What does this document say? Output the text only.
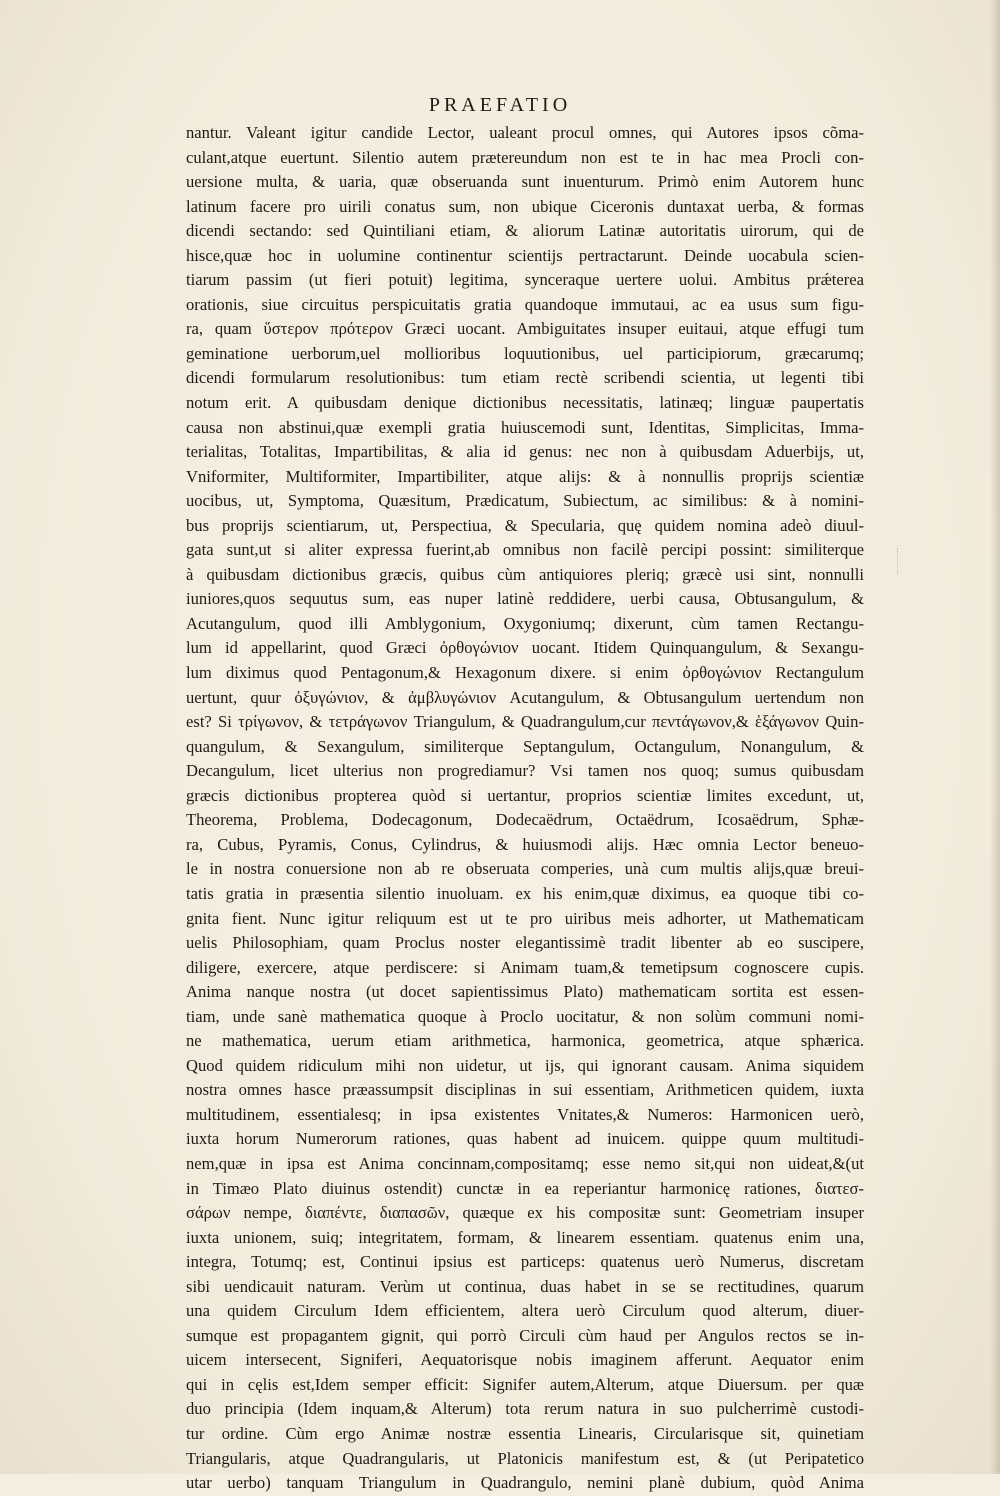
PRAEFATIO
nantur. Valeant igitur candide Lector, ualeant procul omnes, qui Autores ipsos cõma-
culant,atque euertunt. Silentio autem prætereundum non est te in hac mea Procli con-
uersione multa, & uaria, quæ obseruanda sunt inuenturum. Primò enim Autorem hunc
latinum facere pro uirili conatus sum, non ubique Ciceronis duntaxat uerba, & formas
dicendi sectando: sed Quintiliani etiam, & aliorum Latinæ autoritatis uirorum, qui de
hisce,quæ hoc in uolumine continentur scientijs pertractarunt. Deinde uocabula scien-
tiarum passim (ut fieri potuit) legitima, synceraque uertere uolui. Ambitus prǽterea
orationis, siue circuitus perspicuitatis gratia quandoque immutaui, ac ea usus sum figu-
ra, quam ὕστερον πρότερον Græci uocant. Ambiguitates insuper euitaui, atque effugi tum
geminatione uerborum,uel mollioribus loquutionibus, uel participiorum, græcarumq;
dicendi formularum resolutionibus: tum etiam rectè scribendi scientia, ut legenti tibi
notum erit. A quibusdam denique dictionibus necessitatis, latinæq; linguæ paupertatis
causa non abstinui,quæ exempli gratia huiuscemodi sunt, Identitas, Simplicitas, Imma-
terialitas, Totalitas, Impartibilitas, & alia id genus: nec non à quibusdam Aduerbijs, ut,
Vniformiter, Multiformiter, Impartibiliter, atque alijs: & à nonnullis proprijs scientiæ
uocibus, ut, Symptoma, Quæsitum, Prædicatum, Subiectum, ac similibus: & à nomini-
bus proprijs scientiarum, ut, Perspectiua, & Specularia, quę quidem nomina adeò diuul-
gata sunt,ut si aliter expressa fuerint,ab omnibus non facilè percipi possint: similiterque
à quibusdam dictionibus græcis, quibus cùm antiquiores pleriq; græcè usi sint, nonnulli
iuniores,quos sequutus sum, eas nuper latinè reddidere, uerbi causa, Obtusangulum, &
Acutangulum, quod illi Amblygonium, Oxygoniumq; dixerunt, cùm tamen Rectangu-
lum id appellarint, quod Græci ὀρθογώνιον uocant. Itidem Quinquangulum, & Sexangu-
lum diximus quod Pentagonum,& Hexagonum dixere. si enim ὀρθογώνιον Rectangulum
uertunt, quur ὀξυγώνιον, & ἀμβλυγώνιον Acutangulum, & Obtusangulum uertendum non
est? Si τρίγωνον, & τετράγωνον Triangulum, & Quadrangulum,cur πεντάγωνον,& ἑξάγωνον Quin-
quangulum, & Sexangulum, similiterque Septangulum, Octangulum, Nonangulum, &
Decangulum, licet ulterius non progrediamur? Vsi tamen nos quoq; sumus quibusdam
græcis dictionibus propterea quòd si uertantur, proprios scientiæ limites excedunt, ut,
Theorema, Problema, Dodecagonum, Dodecaëdrum, Octaëdrum, Icosaëdrum, Sphæ-
ra, Cubus, Pyramis, Conus, Cylindrus, & huiusmodi alijs. Hæc omnia Lector beneuo-
le in nostra conuersione non ab re obseruata comperies, unà cum multis alijs,quæ breui-
tatis gratia in præsentia silentio inuoluam. ex his enim,quæ diximus, ea quoque tibi co-
gnita fient. Nunc igitur reliquum est ut te pro uiribus meis adhorter, ut Mathematicam
uelis Philosophiam, quam Proclus noster elegantissimè tradit libenter ab eo suscipere,
diligere, exercere, atque perdiscere: si Animam tuam,& temetipsum cognoscere cupis.
Anima nanque nostra (ut docet sapientissimus Plato) mathematicam sortita est essen-
tiam, unde sanè mathematica quoque à Proclo uocitatur, & non solùm communi nomi-
ne mathematica, uerum etiam arithmetica, harmonica, geometrica, atque sphærica.
Quod quidem ridiculum mihi non uidetur, ut ijs, qui ignorant causam. Anima siquidem
nostra omnes hasce præassumpsit disciplinas in sui essentiam, Arithmeticen quidem, iuxta
multitudinem, essentialesq; in ipsa existentes Vnitates,& Numeros: Harmonicen uerò,
iuxta horum Numerorum rationes, quas habent ad inuicem. quippe quum multitudi-
nem,quæ in ipsa est Anima concinnam,compositamq; esse nemo sit,qui non uideat,&(ut
in Timæo Plato diuinus ostendit) cunctæ in ea reperiantur harmonicę rationes, διατεσ-
σάρων nempe, διαπέντε, διαπασῶν, quæque ex his compositæ sunt: Geometriam insuper
iuxta unionem, suiq; integritatem, formam, & linearem essentiam. quatenus enim una,
integra, Totumq; est, Continui ipsius est particeps: quatenus uerò Numerus, discretam
sibi uendicauit naturam. Verùm ut continua, duas habet in se se rectitudines, quarum
una quidem Circulum Idem efficientem, altera uerò Circulum quod alterum, diuer-
sumque est propagantem gignit, qui porrò Circuli cùm haud per Angulos rectos se in-
uicem intersecent, Signiferi, Aequatorisque nobis imaginem afferunt. Aequator enim
qui in cęlis est,Idem semper efficit: Signifer autem,Alterum, atque Diuersum. per quæ
duo principia (Idem inquam,& Alterum) tota rerum natura in suo pulcherrimè custodi-
tur ordine. Cùm ergo Animæ nostræ essentia Linearis, Circularisque sit, quinetiam
Triangularis, atque Quadrangularis, ut Platonicis manifestum est, & (ut Peripatetico
utar uerbo) tanquam Triangulum in Quadrangulo, nemini planè dubium, quòd Anima
